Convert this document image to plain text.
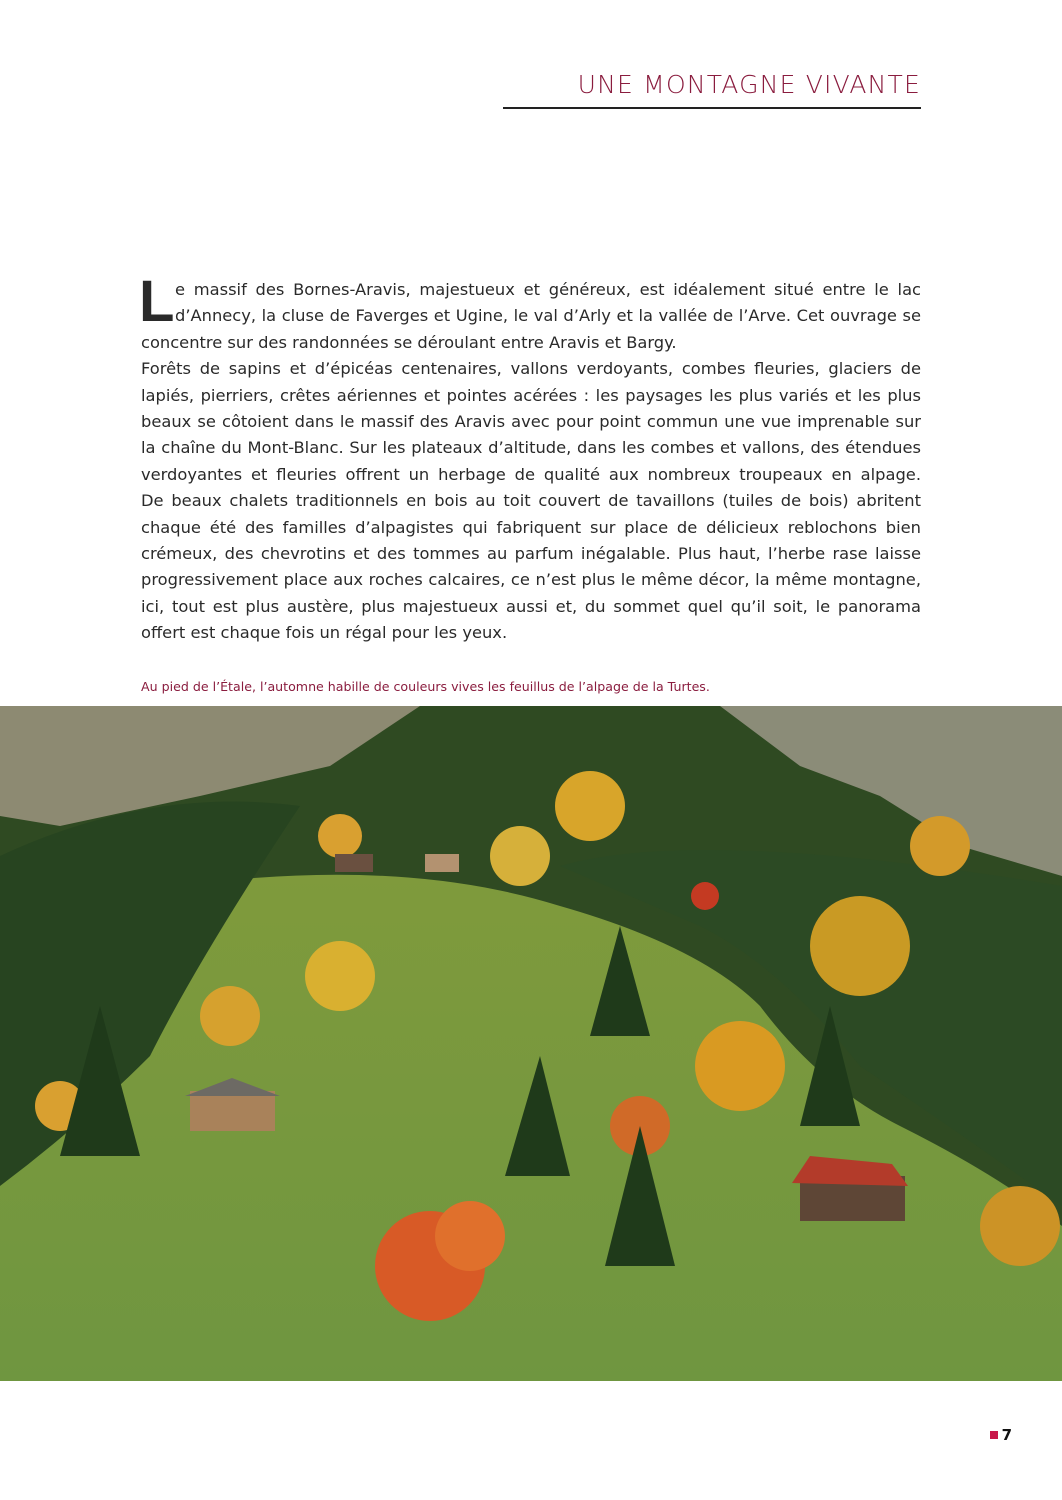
UNE MONTAGNE VIVANTE
L e massif des Bornes-Aravis, majestueux et généreux, est idéalement situé entre le lac
d’Annecy, la cluse de Faverges et Ugine, le val d’Arly et la vallée de l’Arve. Cet ouvrage se
concentre sur des randonnées se déroulant entre Aravis et Bargy.
Forêts de sapins et d’épicéas centenaires, vallons verdoyants, combes fleuries, glaciers de
lapiés, pierriers, crêtes aériennes et pointes acérées : les paysages les plus variés et les plus
beaux se côtoient dans le massif des Aravis avec pour point commun une vue imprenable sur
la chaîne du Mont-Blanc. Sur les plateaux d’altitude, dans les combes et vallons, des étendues
verdoyantes et fleuries offrent un herbage de qualité aux nombreux troupeaux en alpage.
De beaux chalets traditionnels en bois au toit couvert de tavaillons (tuiles de bois) abritent
chaque été des familles d’alpagistes qui fabriquent sur place de délicieux reblochons bien
crémeux, des chevrotins et des tommes au parfum inégalable. Plus haut, l’herbe rase laisse
progressivement place aux roches calcaires, ce n’est plus le même décor, la même montagne,
ici, tout est plus austère, plus majestueux aussi et, du sommet quel qu’il soit, le panorama
offert est chaque fois un régal pour les yeux.
Au pied de l’Étale, l’automne habille de couleurs vives les feuillus de l’alpage de la Turtes.
7
